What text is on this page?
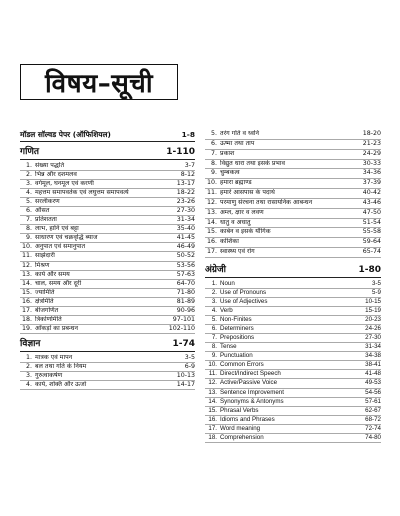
विषय–सूची
मॉडल सॉल्वड पेपर (ऑफिशियल)	1-8
गणित	1-110
1. संख्या पद्धति	3-7
2. भिन्न और दशमलव	8-12
3. वर्गमूल, घनमूल एवं करणी	13-17
4. महत्तम समापवर्तक एवं लघुत्तम समापवर्त्य	18-22
5. सरलीकरण	23-26
6. औसत	27-30
7. प्रतिशतता	31-34
8. लाभ, हानि एवं बट्टा	35-40
9. साधारण एवं चक्रवृद्धि ब्याज	41-45
10. अनुपात एवं समानुपात	46-49
11. साझेदारी	50-52
12. मिश्रण	53-56
13. कार्य और समय	57-63
14. चाल, समय और दूरी	64-70
15. ज्यामिति	71-80
16. क्षेत्रमिति	81-89
17. बीजगणित	90-96
18. त्रिकोणमिति	97-101
19. आँकड़ों का प्रबन्धन	102-110
विज्ञान	1-74
1. मात्रक एवं मापन	3-5
2. बल तथा गति के नियम	6-9
3. गुरुत्वाकर्षण	10-13
4. कार्य, शक्ति और ऊर्जा	14-17
5. तरंग गति व ध्वनि	18-20
6. ऊष्मा तथा ताप	21-23
7. प्रकाश	24-29
8. विद्युत धारा तथा इसके प्रभाव	30-33
9. चुम्बकत्व	34-36
10. हमारा ब्रह्माण्ड	37-39
11. हमारे आसपास के पदार्थ	40-42
12. परमाणु संरचना तथा रासायनिक आबन्धन	43-46
13. अम्ल, क्षार व लवण	47-50
14. धातु व अधातु	51-54
15. कार्बन व इसके यौगिक	55-58
16. कोशिका	59-64
17. स्वास्थ्य एवं रोग	65-74
अंग्रेजी	1-80
1. Noun	3-5
2. Use of Pronouns	5-9
3. Use of Adjectives	10-15
4. Verb	15-19
5. Non-Finites	20-23
6. Determiners	24-26
7. Prepositions	27-30
8. Tense	31-34
9. Punctuation	34-38
10. Common Errors	38-41
11. Direct/Indirect Speech	41-48
12. Active/Passive Voice	49-53
13. Sentence Improvement	54-56
14. Synonyms & Antonyms	57-61
15. Phrasal Verbs	62-67
16. Idioms and Phrases	68-72
17. Word meaning	72-74
18. Comprehension	74-80
